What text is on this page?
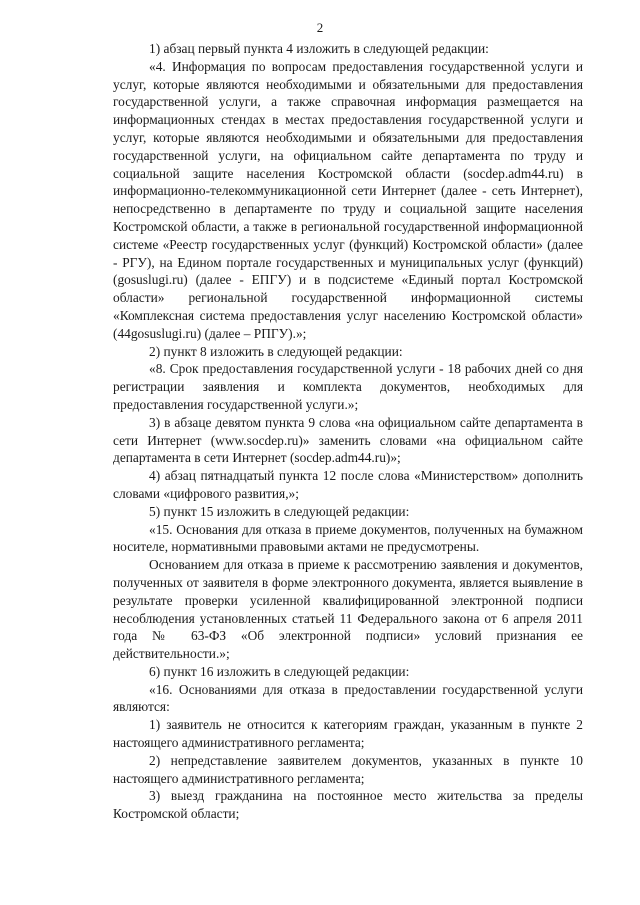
2

1) абзац первый пункта 4 изложить в следующей редакции:

«4. Информация по вопросам предоставления государственной услуги и услуг, которые являются необходимыми и обязательными для предоставления государственной услуги, а также справочная информация размещается на информационных стендах в местах предоставления государственной услуги и услуг, которые являются необходимыми и обязательными для предоставления государственной услуги, на официальном сайте департамента по труду и социальной защите населения Костромской области (socdep.adm44.ru) в информационно-телекоммуникационной сети Интернет (далее - сеть Интернет), непосредственно в департаменте по труду и социальной защите населения Костромской области, а также в региональной государственной информационной системе «Реестр государственных услуг (функций) Костромской области» (далее - РГУ), на Едином портале государственных и муниципальных услуг (функций) (gosuslugi.ru) (далее - ЕПГУ) и в подсистеме «Единый портал Костромской области» региональной государственной информационной системы «Комплексная система предоставления услуг населению Костромской области» (44gosuslugi.ru) (далее – РПГУ).»;

2) пункт 8 изложить в следующей редакции:

«8. Срок предоставления государственной услуги - 18 рабочих дней со дня регистрации заявления и комплекта документов, необходимых для предоставления государственной услуги.»;

3) в абзаце девятом пункта 9 слова «на официальном сайте департамента в сети Интернет (www.socdep.ru)» заменить словами «на официальном сайте департамента в сети Интернет (socdep.adm44.ru)»;

4) абзац пятнадцатый пункта 12 после слова «Министерством» дополнить словами «цифрового развития,»;

5) пункт 15 изложить в следующей редакции:

«15. Основания для отказа в приеме документов, полученных на бумажном носителе, нормативными правовыми актами не предусмотрены.

Основанием для отказа в приеме к рассмотрению заявления и документов, полученных от заявителя в форме электронного документа, является выявление в результате проверки усиленной квалифицированной электронной подписи несоблюдения установленных статьей 11 Федерального закона от 6 апреля 2011 года № 63-ФЗ «Об электронной подписи» условий признания ее действительности.»;

6) пункт 16 изложить в следующей редакции:

«16. Основаниями для отказа в предоставлении государственной услуги являются:

1) заявитель не относится к категориям граждан, указанным в пункте 2 настоящего административного регламента;

2) непредставление заявителем документов, указанных в пункте 10 настоящего административного регламента;

3) выезд гражданина на постоянное место жительства за пределы Костромской области;
